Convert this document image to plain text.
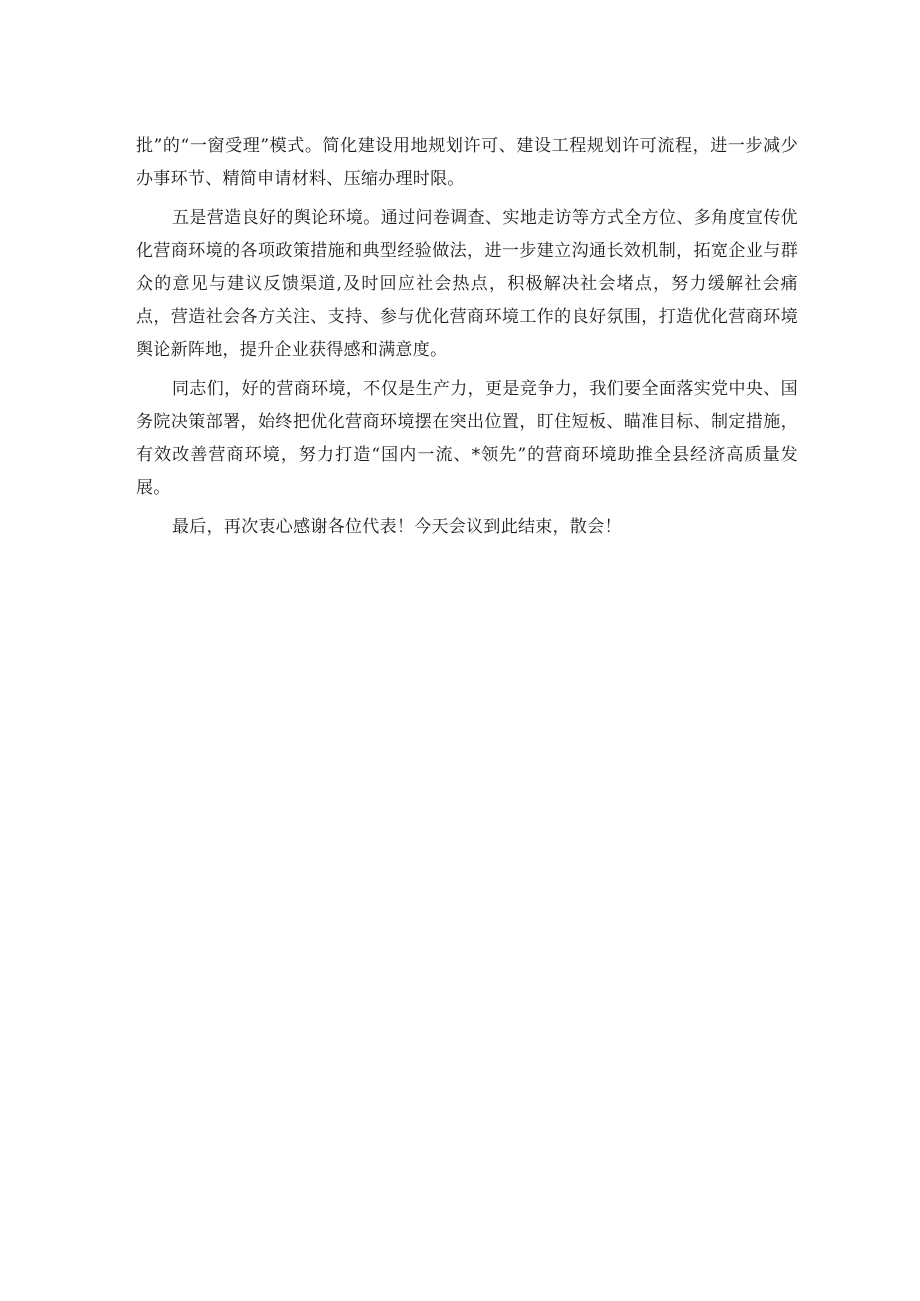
批”的“一窗受理”模式。简化建设用地规划许可、建设工程规划许可流程，进一步减少办事环节、精简申请材料、压缩办理时限。

五是营造良好的舆论环境。通过问卷调查、实地走访等方式全方位、多角度宣传优化营商环境的各项政策措施和典型经验做法，进一步建立沟通长效机制，拓宽企业与群众的意见与建议反馈渠道,及时回应社会热点，积极解决社会堵点，努力缓解社会痛点，营造社会各方关注、支持、参与优化营商环境工作的良好氛围，打造优化营商环境舆论新阵地，提升企业获得感和满意度。

同志们，好的营商环境，不仅是生产力，更是竞争力，我们要全面落实党中央、国务院决策部署，始终把优化营商环境摆在突出位置，盯住短板、瞄准目标、制定措施，有效改善营商环境，努力打造“国内一流、*领先”的营商环境助推全县经济高质量发展。

最后，再次衷心感谢各位代表！今天会议到此结束，散会！
